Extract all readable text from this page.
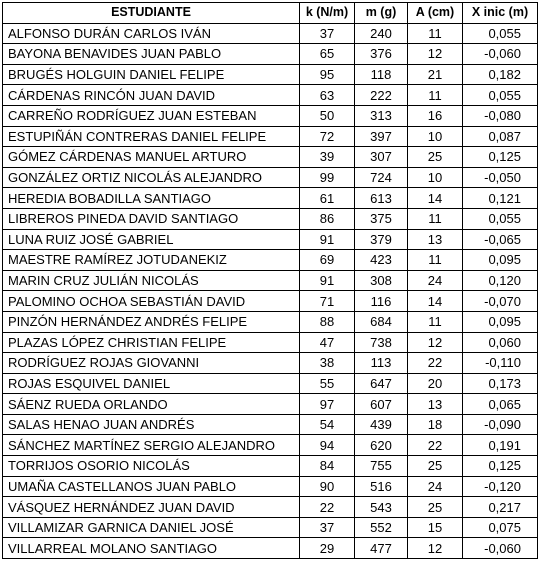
ESTUDIANTE	k (N/m)	m (g)	A (cm)	X inic (m)
ALFONSO DURÁN CARLOS IVÁN	37	240	11	0,055
BAYONA BENAVIDES JUAN PABLO	65	376	12	-0,060
BRUGÉS HOLGUIN DANIEL FELIPE	95	118	21	0,182
CÁRDENAS RINCÓN JUAN DAVID	63	222	11	0,055
CARREÑO RODRÍGUEZ JUAN ESTEBAN	50	313	16	-0,080
ESTUPIÑÁN CONTRERAS DANIEL FELIPE	72	397	10	0,087
GÓMEZ CÁRDENAS MANUEL ARTURO	39	307	25	0,125
GONZÁLEZ ORTIZ NICOLÁS ALEJANDRO	99	724	10	-0,050
HEREDIA BOBADILLA SANTIAGO	61	613	14	0,121
LIBREROS PINEDA DAVID SANTIAGO	86	375	11	0,055
LUNA RUIZ JOSÉ GABRIEL	91	379	13	-0,065
MAESTRE RAMÍREZ JOTUDANEKIZ	69	423	11	0,095
MARIN CRUZ JULIÁN NICOLÁS	91	308	24	0,120
PALOMINO OCHOA SEBASTIÁN DAVID	71	116	14	-0,070
PINZÓN HERNÁNDEZ ANDRÉS FELIPE	88	684	11	0,095
PLAZAS LÓPEZ CHRISTIAN FELIPE	47	738	12	0,060
RODRÍGUEZ ROJAS GIOVANNI	38	113	22	-0,110
ROJAS ESQUIVEL DANIEL	55	647	20	0,173
SÁENZ RUEDA ORLANDO	97	607	13	0,065
SALAS HENAO JUAN ANDRÉS	54	439	18	-0,090
SÁNCHEZ MARTÍNEZ SERGIO ALEJANDRO	94	620	22	0,191
TORRIJOS OSORIO NICOLÁS	84	755	25	0,125
UMAÑA CASTELLANOS JUAN PABLO	90	516	24	-0,120
VÁSQUEZ HERNÁNDEZ JUAN DAVID	22	543	25	0,217
VILLAMIZAR GARNICA DANIEL JOSÉ	37	552	15	0,075
VILLARREAL MOLANO SANTIAGO	29	477	12	-0,060
